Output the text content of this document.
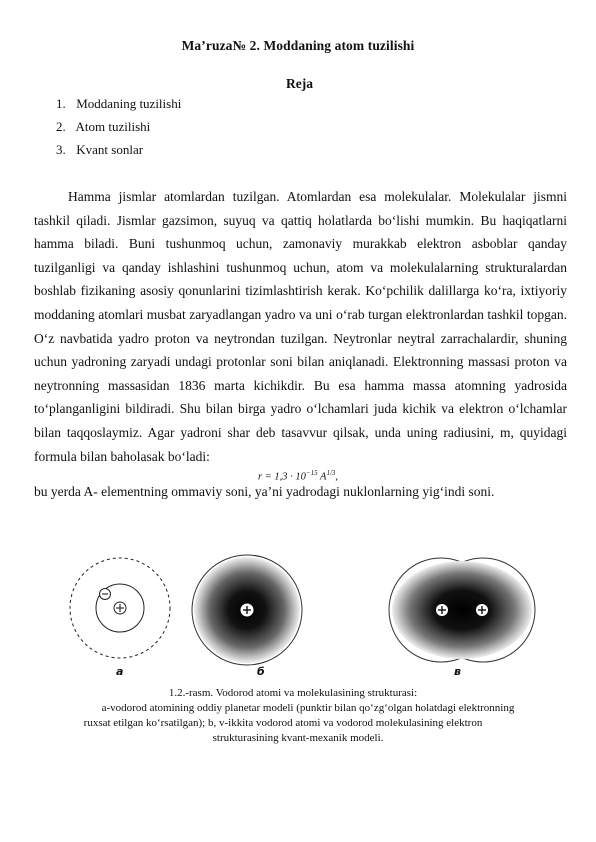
Ma’ruza№ 2. Moddaning atom tuzilishi
Reja
1. Moddaning tuzilishi
2. Atom tuzilishi
3. Kvant sonlar

Hamma jismlar atomlardan tuzilgan. Atomlardan esa molekulalar. Molekulalar jismni tashkil qiladi. Jismlar gazsimon, suyuq va qattiq holatlarda bo‘lishi mumkin. Bu haqiqatlarni hamma biladi. Buni tushunmoq uchun, zamonaviy murakkab elektron asboblar qanday tuzilganligi va qanday ishlashini tushunmoq uchun, atom va molekulalarning strukturalardan boshlab fizikaning asosiy qonunlarini tizimlashtirish kerak. Ko‘pchilik dalillarga ko‘ra, ixtiyoriy moddaning atomlari musbat zaryadlangan yadro va uni o‘rab turgan elektronlardan tashkil topgan. O‘z navbatida yadro proton va neytrondan tuzilgan. Neytronlar neytral zarrachalardir, shuning uchun yadroning zaryadi undagi protonlar soni bilan aniqlanadi. Elektronning massasi proton va neytronning massasidan 1836 marta kichikdir. Bu esa hamma massa atomning yadrosida to‘planganligini bildiradi. Shu bilan birga yadro o‘lchamlari juda kichik va elektron o‘lchamlar bilan taqqoslaymiz. Agar yadroni shar deb tasavvur qilsak, unda uning radiusini, m, quyidagi formula bilan baholasak bo‘ladi:

$r = 1,3 \cdot 10^{-15}$ $A^{1/3}$,

bu yerda A- elementning ommaviy soni, ya’ni yadrodagi nuklonlarning yig‘indi soni.

а	б	в
1.2.-rasm. Vodorod atomi va molekulasining strukturasi:
a-vodorod atomining oddiy planetar modeli (punktir bilan qo‘zg‘olgan holatdagi elektronning
ruxsat etilgan ko‘rsatilgan); b, v-ikkita vodorod atomi va vodorod molekulasining elektron
strukturasining kvant-mexanik modeli.
